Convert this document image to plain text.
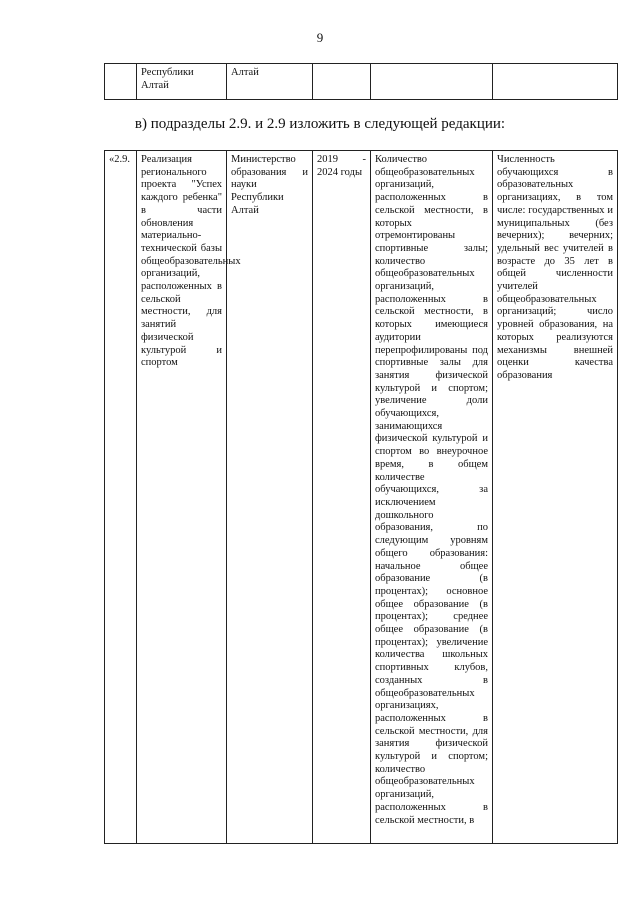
9
	Республики Алтай	Алтай			
в) подразделы 2.9. и 2.9 изложить в следующей редакции:
«2.9.	Реализация регионального проекта "Успех каждого ребенка" в части обновления материально-технической базы общеобразовательных организаций, расположенных в сельской местности, для занятий физической культурой и спортом	Министерство образования и науки Республики Алтай	2019 - 2024 годы	Количество общеобразовательных организаций, расположенных в сельской местности, в которых отремонтированы спортивные залы; количество общеобразовательных организаций, расположенных в сельской местности, в которых имеющиеся аудитории перепрофилированы под спортивные залы для занятия физической культурой и спортом; увеличение доли обучающихся, занимающихся физической культурой и спортом во внеурочное время, в общем количестве обучающихся, за исключением дошкольного образования, по следующим уровням общего образования: начальное общее образование (в процентах); основное общее образование (в процентах); среднее общее образование (в процентах); увеличение количества школьных спортивных клубов, созданных в общеобразовательных организациях, расположенных в сельской местности, для занятия физической культурой и спортом; количество общеобразовательных организаций, расположенных в сельской местности, в	Численность обучающихся в образовательных организациях, в том числе: государственных и муниципальных (без вечерних); вечерних; удельный вес учителей в возрасте до 35 лет в общей численности учителей общеобразовательных организаций; число уровней образования, на которых реализуются механизмы внешней оценки качества образования
